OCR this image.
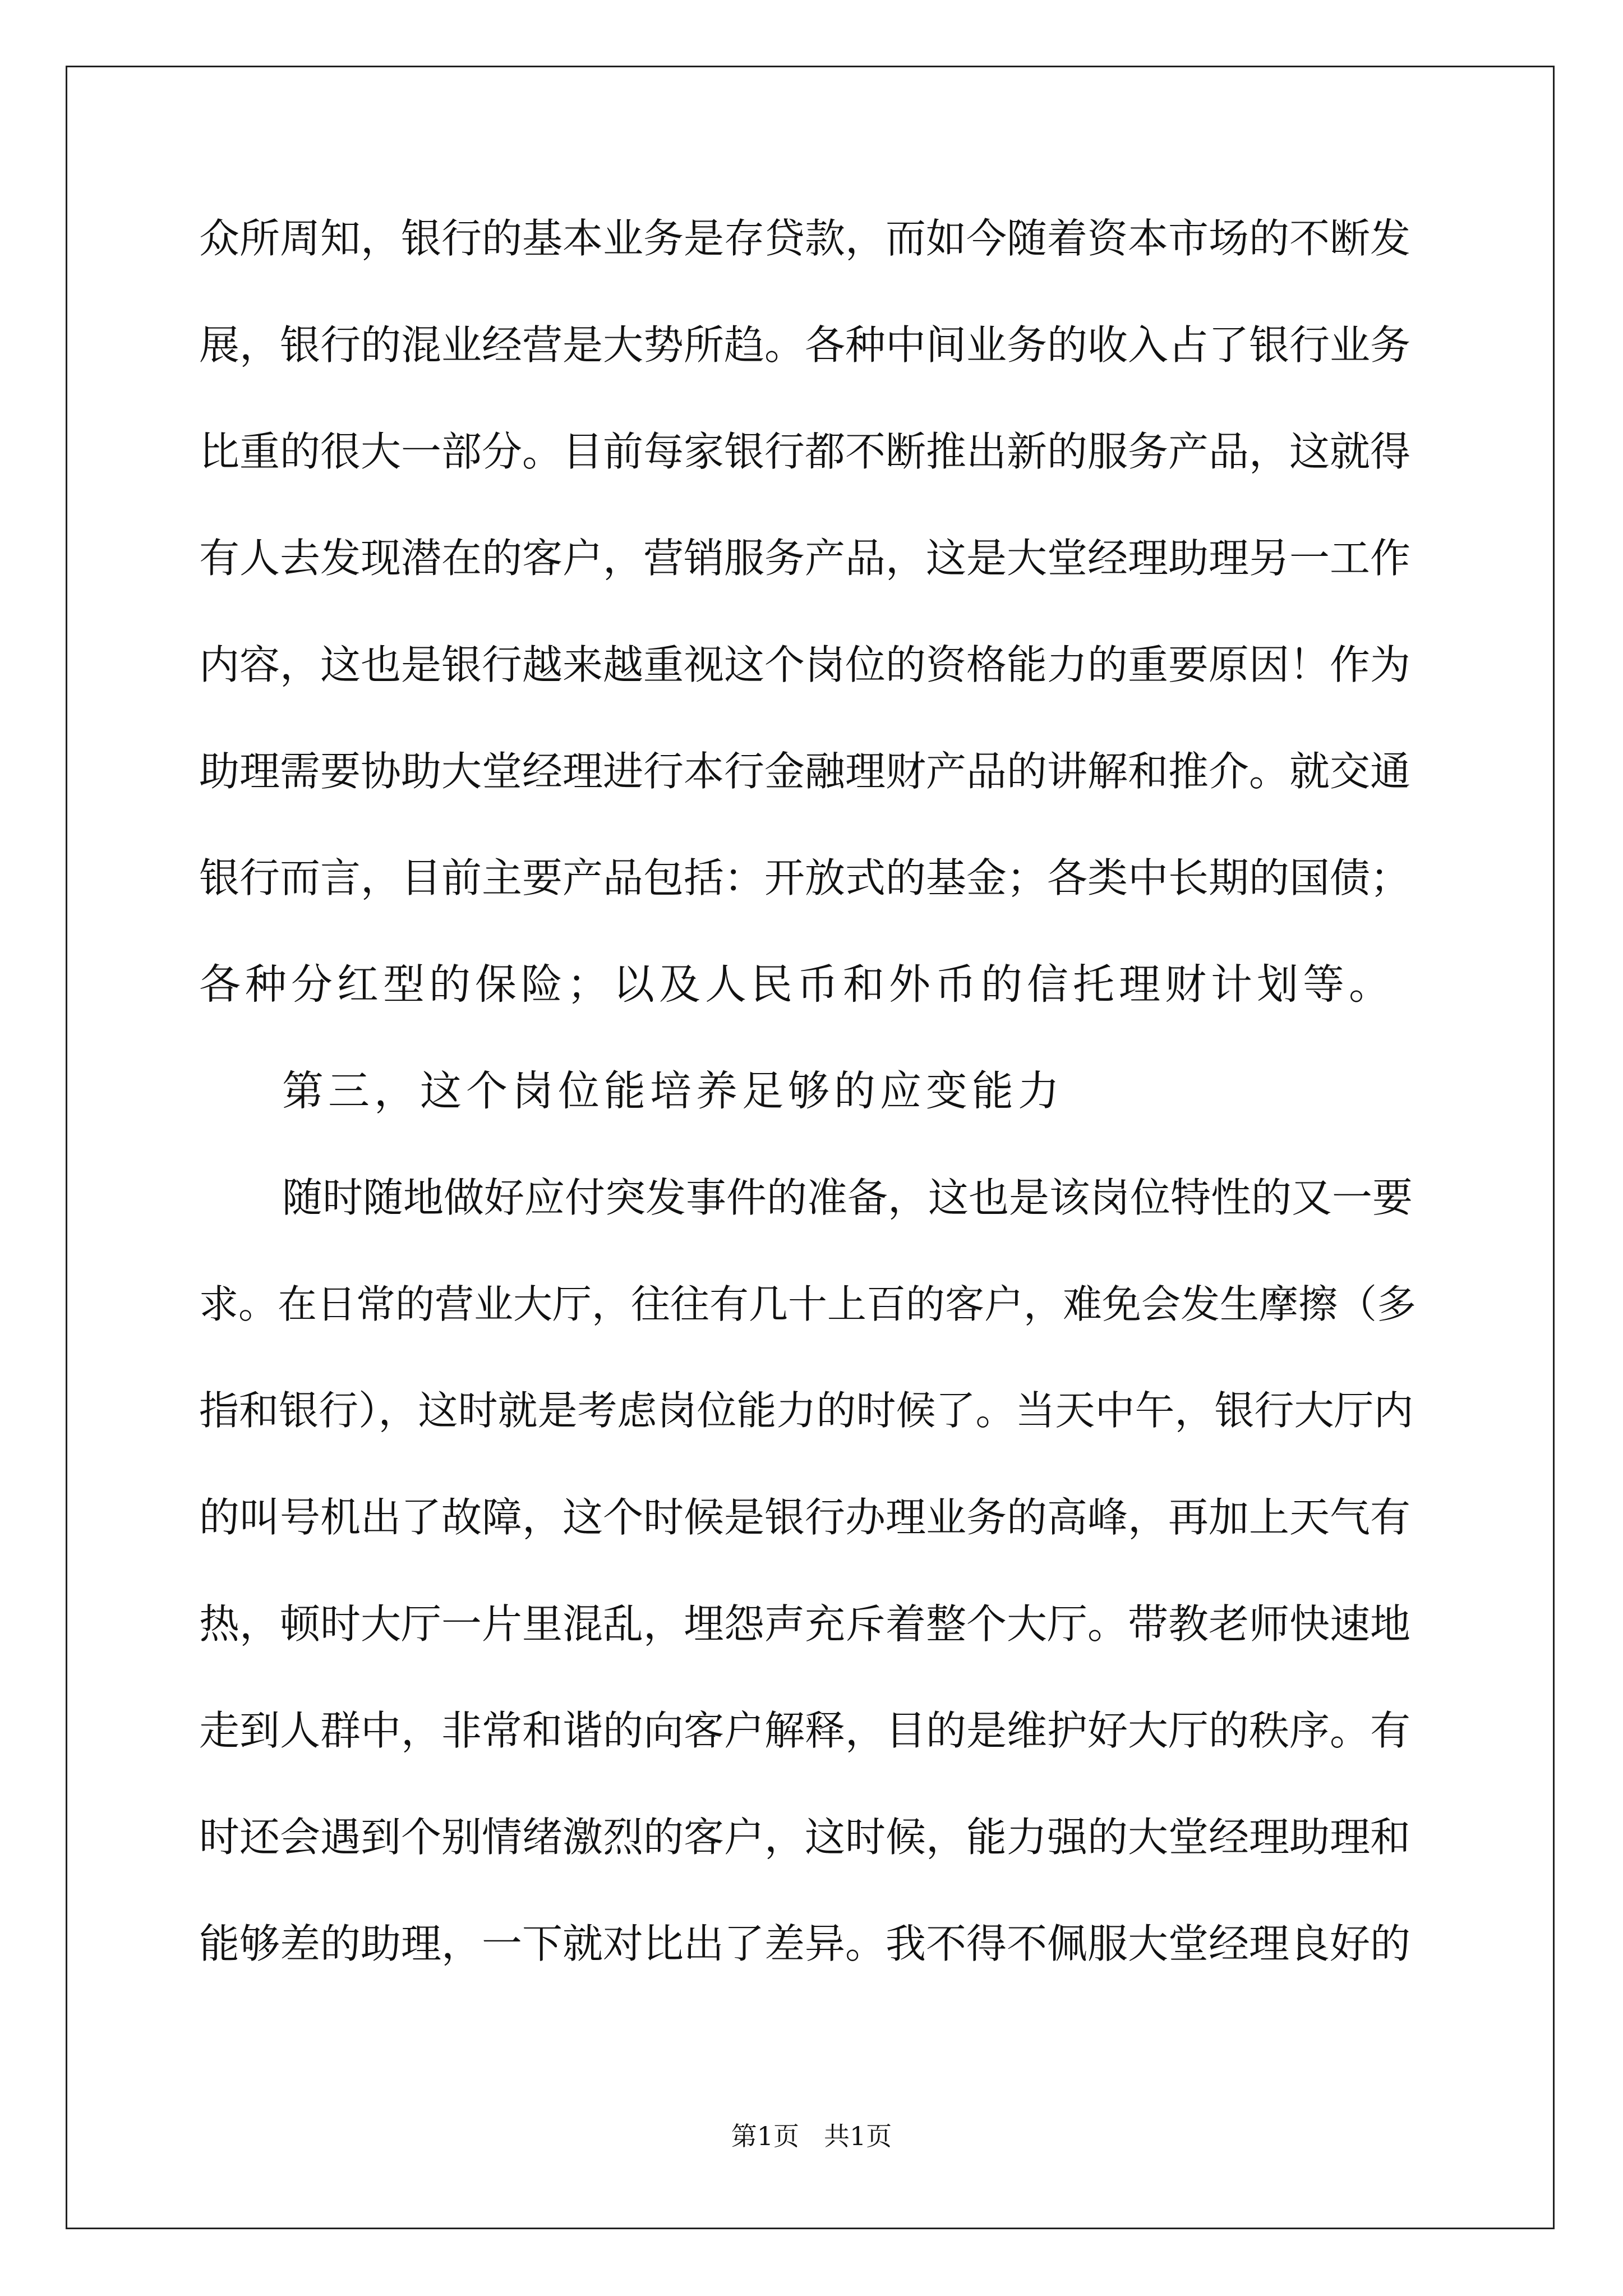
众所周知，银行的基本业务是存贷款，而如今随着资本市场的不断发
展，银行的混业经营是大势所趋。各种中间业务的收入占了银行业务
比重的很大一部分。目前每家银行都不断推出新的服务产品，这就得
有人去发现潜在的客户，营销服务产品，这是大堂经理助理另一工作
内容，这也是银行越来越重视这个岗位的资格能力的重要原因！作为
助理需要协助大堂经理进行本行金融理财产品的讲解和推介。就交通
银行而言，目前主要产品包括：开放式的基金；各类中长期的国债；
各种分红型的保险；以及人民币和外币的信托理财计划等。
第三，这个岗位能培养足够的应变能力
随时随地做好应付突发事件的准备，这也是该岗位特性的又一要
求。在日常的营业大厅，往往有几十上百的客户，难免会发生摩擦（多
指和银行），这时就是考虑岗位能力的时候了。当天中午，银行大厅内
的叫号机出了故障，这个时候是银行办理业务的高峰，再加上天气有
热，顿时大厅一片里混乱，埋怨声充斥着整个大厅。带教老师快速地
走到人群中，非常和谐的向客户解释，目的是维护好大厅的秩序。有
时还会遇到个别情绪激烈的客户，这时候，能力强的大堂经理助理和
能够差的助理，一下就对比出了差异。我不得不佩服大堂经理良好的
第1页 共1页
